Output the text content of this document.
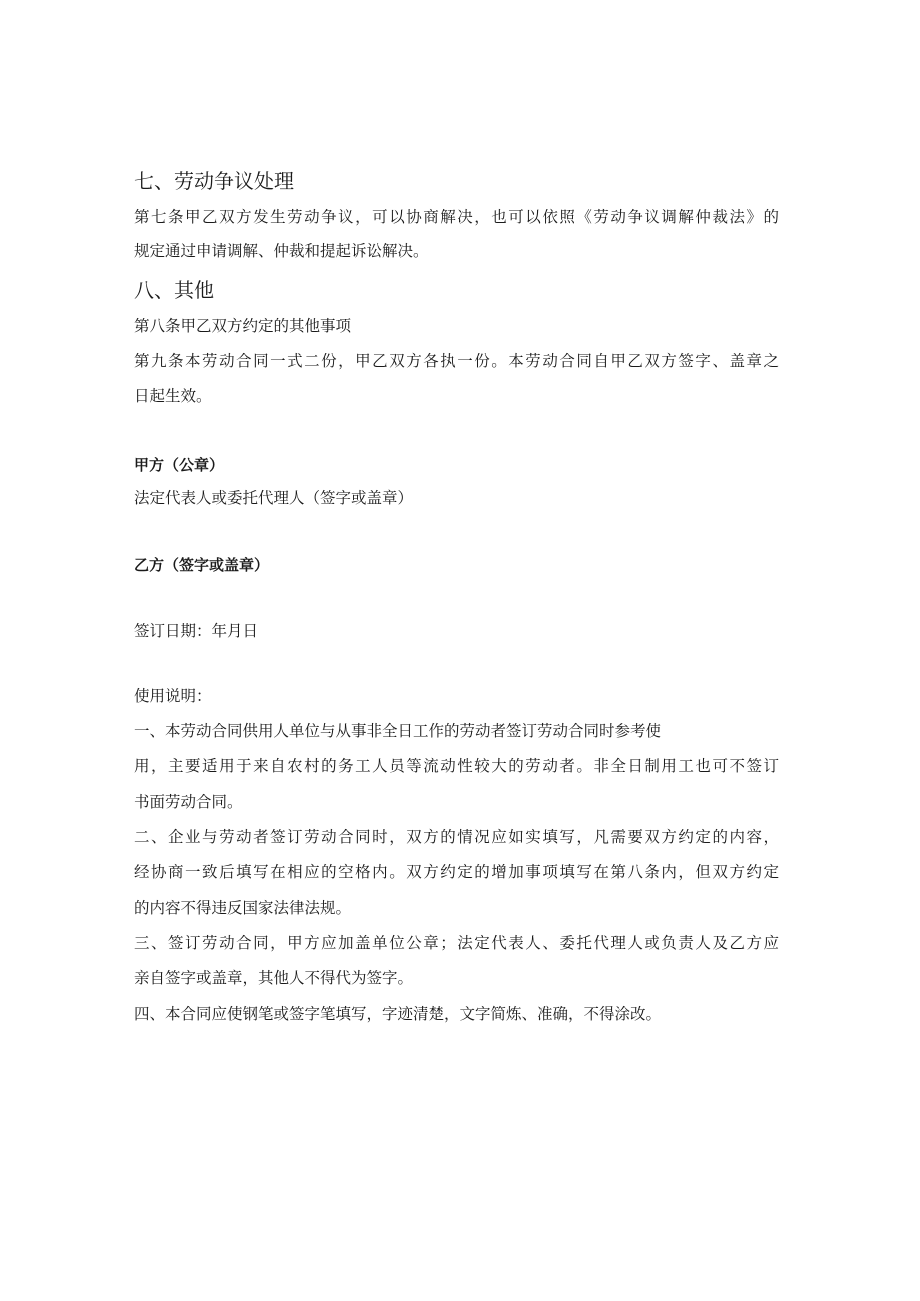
七、劳动争议处理
第七条甲乙双方发生劳动争议，可以协商解决，也可以依照《劳动争议调解仲裁法》的
规定通过申请调解、仲裁和提起诉讼解决。
八、其他
第八条甲乙双方约定的其他事项
第九条本劳动合同一式二份，甲乙双方各执一份。本劳动合同自甲乙双方签字、盖章之
日起生效。
甲方（公章）
法定代表人或委托代理人（签字或盖章）
乙方（签字或盖章）
签订日期：年月日
使用说明：
一、本劳动合同供用人单位与从事非全日工作的劳动者签订劳动合同时参考使
用，主要适用于来自农村的务工人员等流动性较大的劳动者。非全日制用工也可不签订
书面劳动合同。
二、企业与劳动者签订劳动合同时，双方的情况应如实填写，凡需要双方约定的内容，
经协商一致后填写在相应的空格内。双方约定的增加事项填写在第八条内，但双方约定
的内容不得违反国家法律法规。
三、签订劳动合同，甲方应加盖单位公章；法定代表人、委托代理人或负责人及乙方应
亲自签字或盖章，其他人不得代为签字。
四、本合同应使钢笔或签字笔填写，字迹清楚，文字简炼、准确，不得涂改。
